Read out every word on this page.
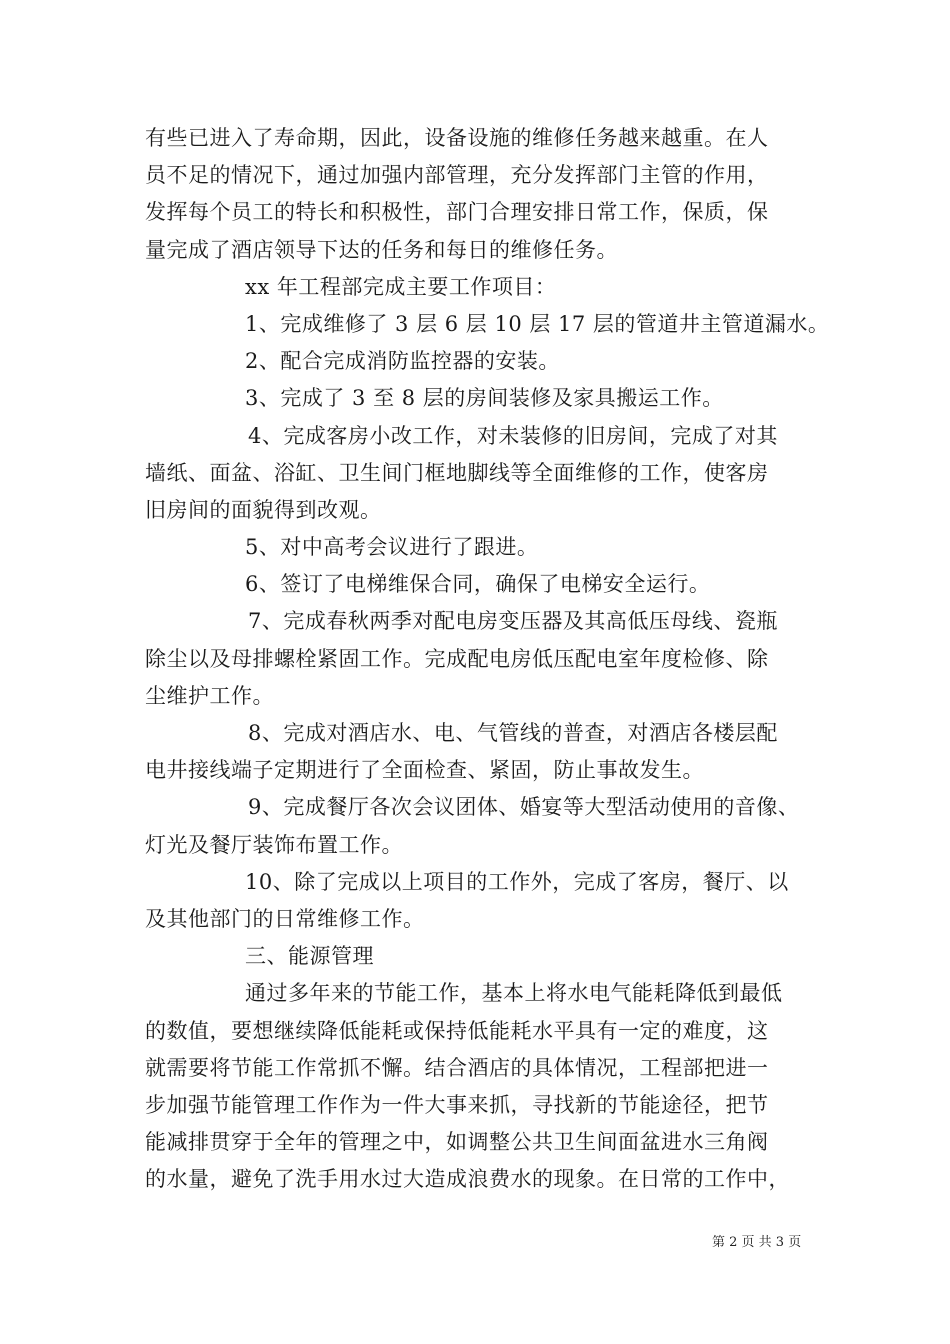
有些已进入了寿命期，因此，设备设施的维修任务越来越重。在人
员不足的情况下，通过加强内部管理，充分发挥部门主管的作用，
发挥每个员工的特长和积极性，部门合理安排日常工作，保质，保
量完成了酒店领导下达的任务和每日的维修任务。
xx 年工程部完成主要工作项目：
1、完成维修了 3 层 6 层 10 层 17 层的管道井主管道漏水。
2、配合完成消防监控器的安装。
3、完成了 3 至 8 层的房间装修及家具搬运工作。
4、完成客房小改工作，对未装修的旧房间，完成了对其
墙纸、面盆、浴缸、卫生间门框地脚线等全面维修的工作，使客房
旧房间的面貌得到改观。
5、对中高考会议进行了跟进。
6、签订了电梯维保合同，确保了电梯安全运行。
7、完成春秋两季对配电房变压器及其高低压母线、瓷瓶
除尘以及母排螺栓紧固工作。完成配电房低压配电室年度检修、除
尘维护工作。
8、完成对酒店水、电、气管线的普查，对酒店各楼层配
电井接线端子定期进行了全面检查、紧固，防止事故发生。
9、完成餐厅各次会议团体、婚宴等大型活动使用的音像、
灯光及餐厅装饰布置工作。
10、除了完成以上项目的工作外，完成了客房，餐厅、以
及其他部门的日常维修工作。
三、能源管理
通过多年来的节能工作，基本上将水电气能耗降低到最低
的数值，要想继续降低能耗或保持低能耗水平具有一定的难度，这
就需要将节能工作常抓不懈。结合酒店的具体情况，工程部把进一
步加强节能管理工作作为一件大事来抓，寻找新的节能途径，把节
能减排贯穿于全年的管理之中，如调整公共卫生间面盆进水三角阀
的水量，避免了洗手用水过大造成浪费水的现象。在日常的工作中，
第 2 页 共 3 页
